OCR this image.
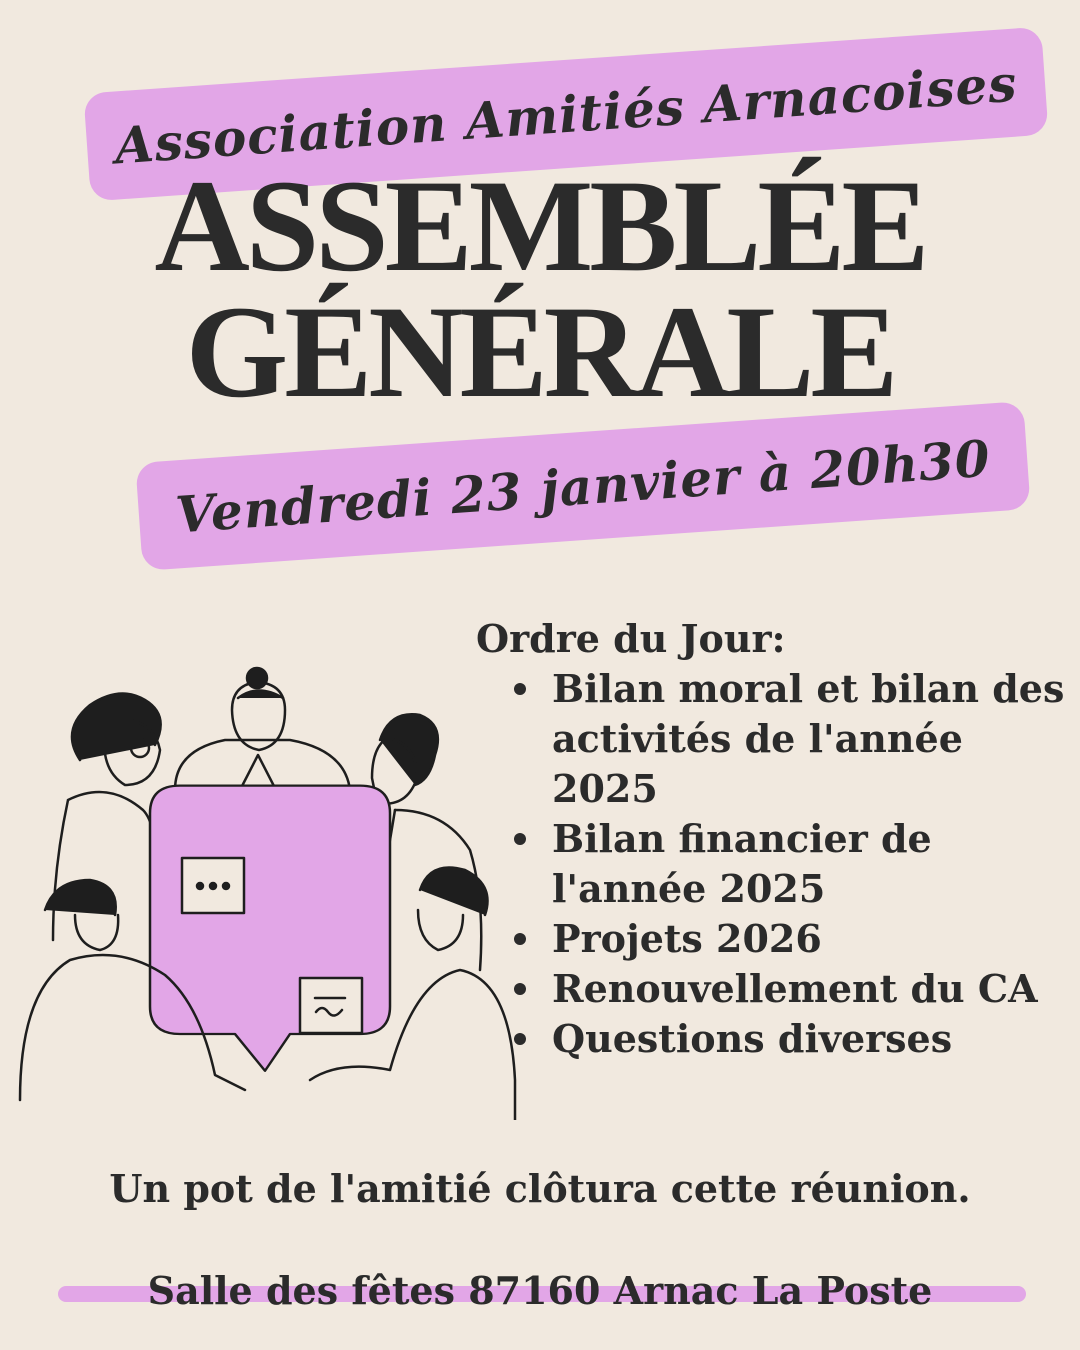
Association Amitiés Arnacoises
ASSEMBLÉE
GÉNÉRALE
Vendredi 23 janvier à 20h30
Ordre du Jour:
Bilan moral et bilan des activités de l'année 2025
Bilan financier de l'année 2025
Projets 2026
Renouvellement du CA
Questions diverses
Un pot de l'amitié clôtura cette réunion.
Salle des fêtes 87160 Arnac La Poste
